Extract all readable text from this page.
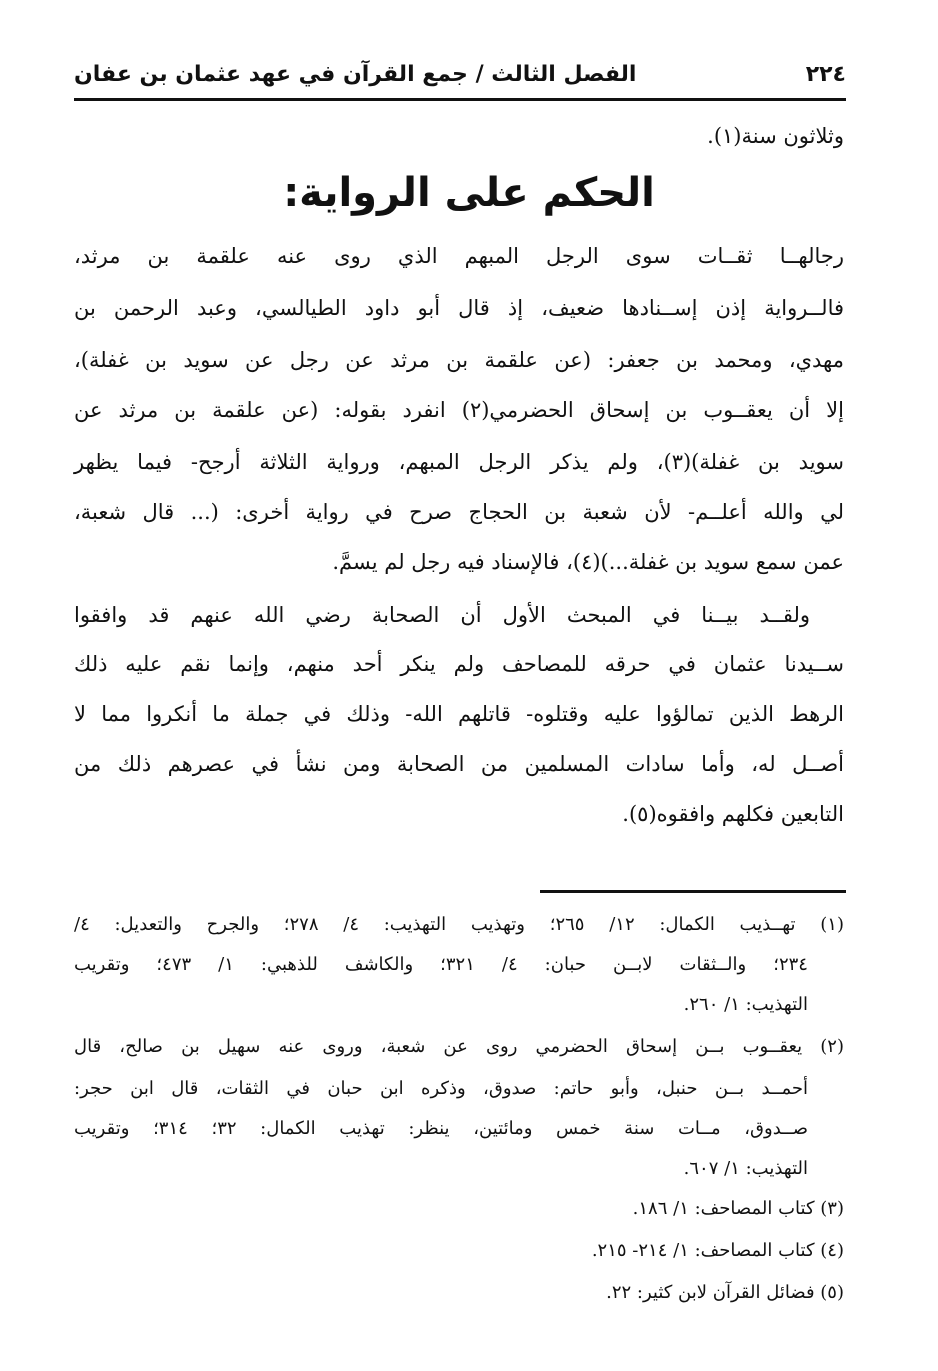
٢٢٤
الفصل الثالث / جمع القرآن في عهد عثمان بن عفان
وثلاثون سنة(١).
الحكم على الرواية:
رجالهــا ثقــات سوى الرجل المبهم الذي روى عنه علقمة بن مرثد،
فالــرواية إذن إســنادها ضعيف، إذ قال أبو داود الطيالسي، وعبد الرحمن بن
مهدي، ومحمد بن جعفر: (عن علقمة بن مرثد عن رجل عن سويد بن غفلة)،
إلا أن يعقــوب بن إسحاق الحضرمي(٢) انفرد بقوله: (عن علقمة بن مرثد عن
سويد بن غفلة)(٣)، ولم يذكر الرجل المبهم، ورواية الثلاثة أرجح- فيما يظهر
لي والله أعلــم- لأن شعبة بن الحجاج صرح في رواية أخرى: (... قال شعبة،
عمن سمع سويد بن غفلة...)(٤)، فالإسناد فيه رجل لم يسمَّ.
ولقــد بيــنا في المبحث الأول أن الصحابة رضي الله عنهم قد وافقوا
ســيدنا عثمان في حرقه للمصاحف ولم ينكر أحد منهم، وإنما نقم عليه ذلك
الرهط الذين تمالؤوا عليه وقتلوه- قاتلهم الله- وذلك في جملة ما أنكروا مما لا
أصــل له، وأما سادات المسلمين من الصحابة ومن نشأ في عصرهم ذلك من
التابعين فكلهم وافقوه(٥).
(١) تهــذيب الكمال: ١٢/ ٢٦٥؛ وتهذيب التهذيب: ٤/ ٢٧٨؛ والجرح والتعديل: ٤/
٢٣٤؛ والــثقات لابــن حبان: ٤/ ٣٢١؛ والكاشف للذهبي: ١/ ٤٧٣؛ وتقريب
التهذيب: ١/ ٢٦٠.
(٢) يعقــوب بــن إسحاق الحضرمي روى عن شعبة، وروى عنه سهيل بن صالح، قال
أحمــد بــن حنبل، وأبو حاتم: صدوق، وذكره ابن حبان في الثقات، قال ابن حجر:
صــدوق، مــات سنة خمس ومائتين، ينظر: تهذيب الكمال: ٣٢؛ ٣١٤؛ وتقريب
التهذيب: ١/ ٦٠٧.
(٣) كتاب المصاحف: ١/ ١٨٦.
(٤) كتاب المصاحف: ١/ ٢١٤- ٢١٥.
(٥) فضائل القرآن لابن كثير: ٢٢.
